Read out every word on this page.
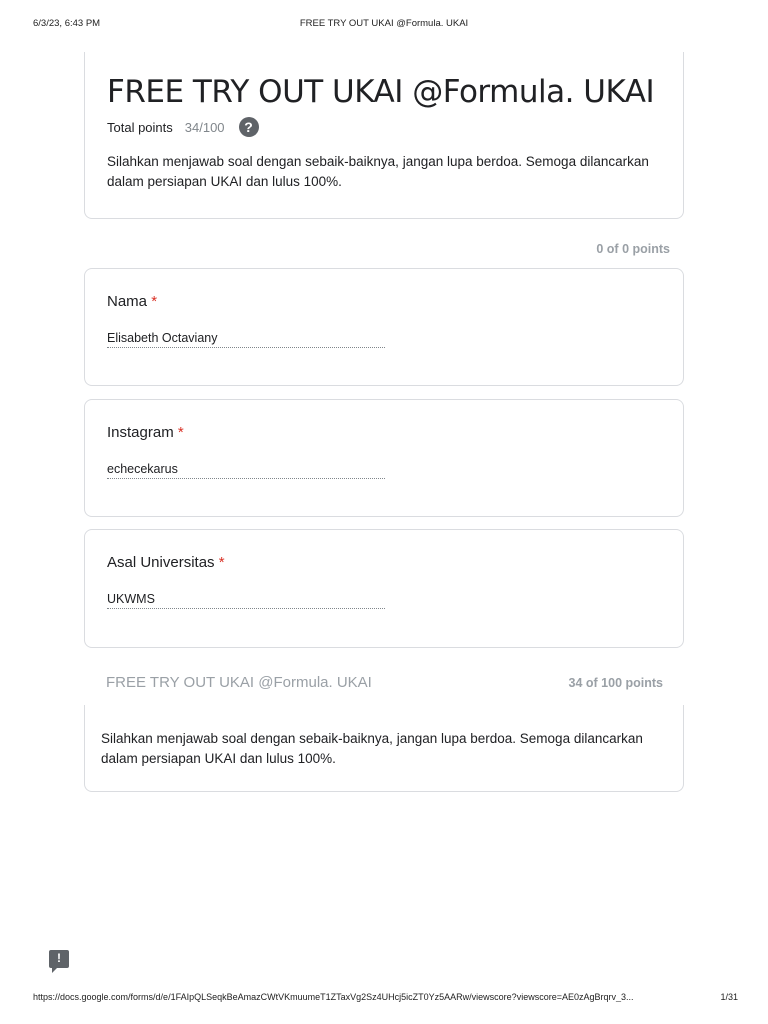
6/3/23, 6:43 PM	FREE TRY OUT UKAI @Formula. UKAI
FREE TRY OUT UKAI @Formula. UKAI
Total points 34/100	?
Silahkan menjawab soal dengan sebaik-baiknya, jangan lupa berdoa. Semoga dilancarkan dalam persiapan UKAI dan lulus 100%.
0 of 0 points
Nama *
Elisabeth Octaviany
Instagram *
echecekarus
Asal Universitas *
UKWMS
FREE TRY OUT UKAI @Formula. UKAI	34 of 100 points
Silahkan menjawab soal dengan sebaik-baiknya, jangan lupa berdoa. Semoga dilancarkan dalam persiapan UKAI dan lulus 100%.
!
https://docs.google.com/forms/d/e/1FAIpQLSeqkBeAmazCWtVKmuumeT1ZTaxVg2Sz4UHcj5icZT0Yz5AARw/viewscore?viewscore=AE0zAgBrqrv_3...	1/31
